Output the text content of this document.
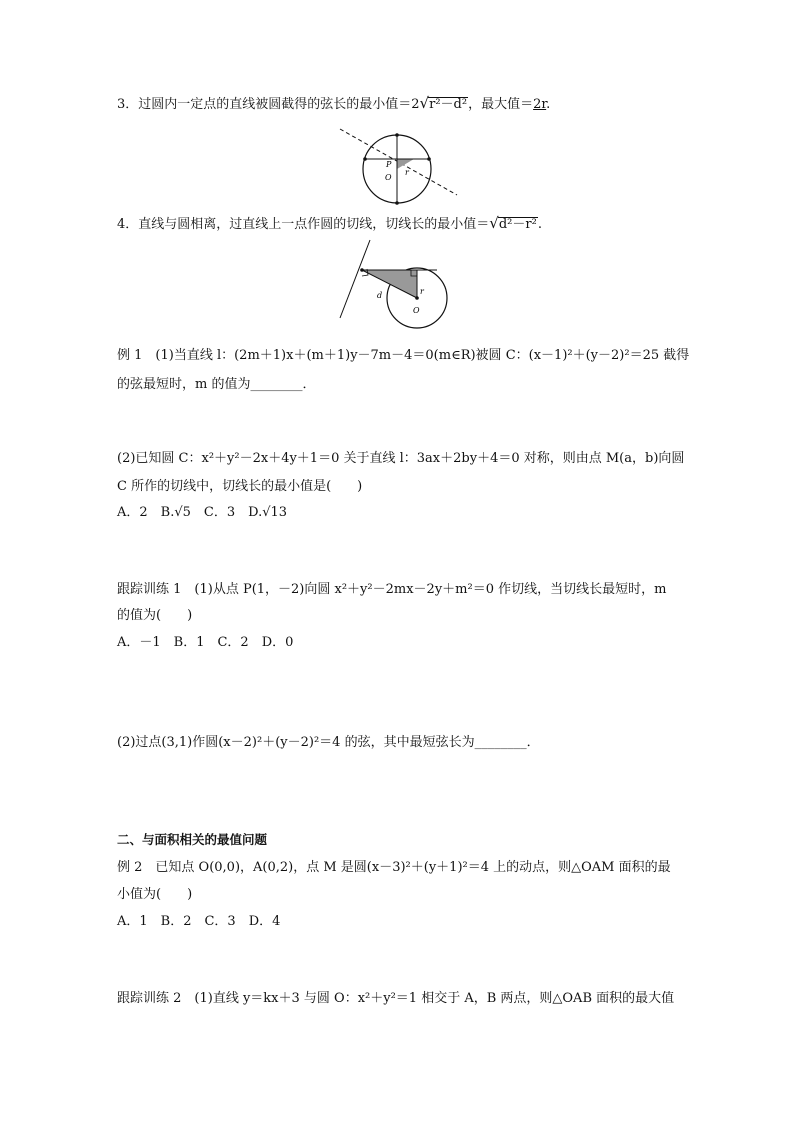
3．过圆内一定点的直线被圆截得的弦长的最小值＝2√r²－d²，最大值＝2r.
P
O
r
4．直线与圆相离，过直线上一点作圆的切线，切线长的最小值＝√d²－r².
d	r
O
例 1　(1)当直线 l：(2m＋1)x＋(m＋1)y－7m－4＝0(m∈R)被圆 C：(x－1)²＋(y－2)²＝25 截得
的弦最短时，m 的值为________．
(2)已知圆 C：x²＋y²－2x＋4y＋1＝0 关于直线 l：3ax＋2by＋4＝0 对称，则由点 M(a，b)向圆
C 所作的切线中，切线长的最小值是(　　)
A．2　B.√5　C．3　D.√13
跟踪训练 1　(1)从点 P(1，－2)向圆 x²＋y²－2mx－2y＋m²＝0 作切线，当切线长最短时，m
的值为(　　)
A．－1　B．1　C．2　D．0
(2)过点(3,1)作圆(x－2)²＋(y－2)²＝4 的弦，其中最短弦长为________．
二、与面积相关的最值问题
例 2　已知点 O(0,0)，A(0,2)，点 M 是圆(x－3)²＋(y＋1)²＝4 上的动点，则△OAM 面积的最
小值为(　　)
A．1　B．2　C．3　D．4
跟踪训练 2　(1)直线 y＝kx＋3 与圆 O：x²＋y²＝1 相交于 A，B 两点，则△OAB 面积的最大值
